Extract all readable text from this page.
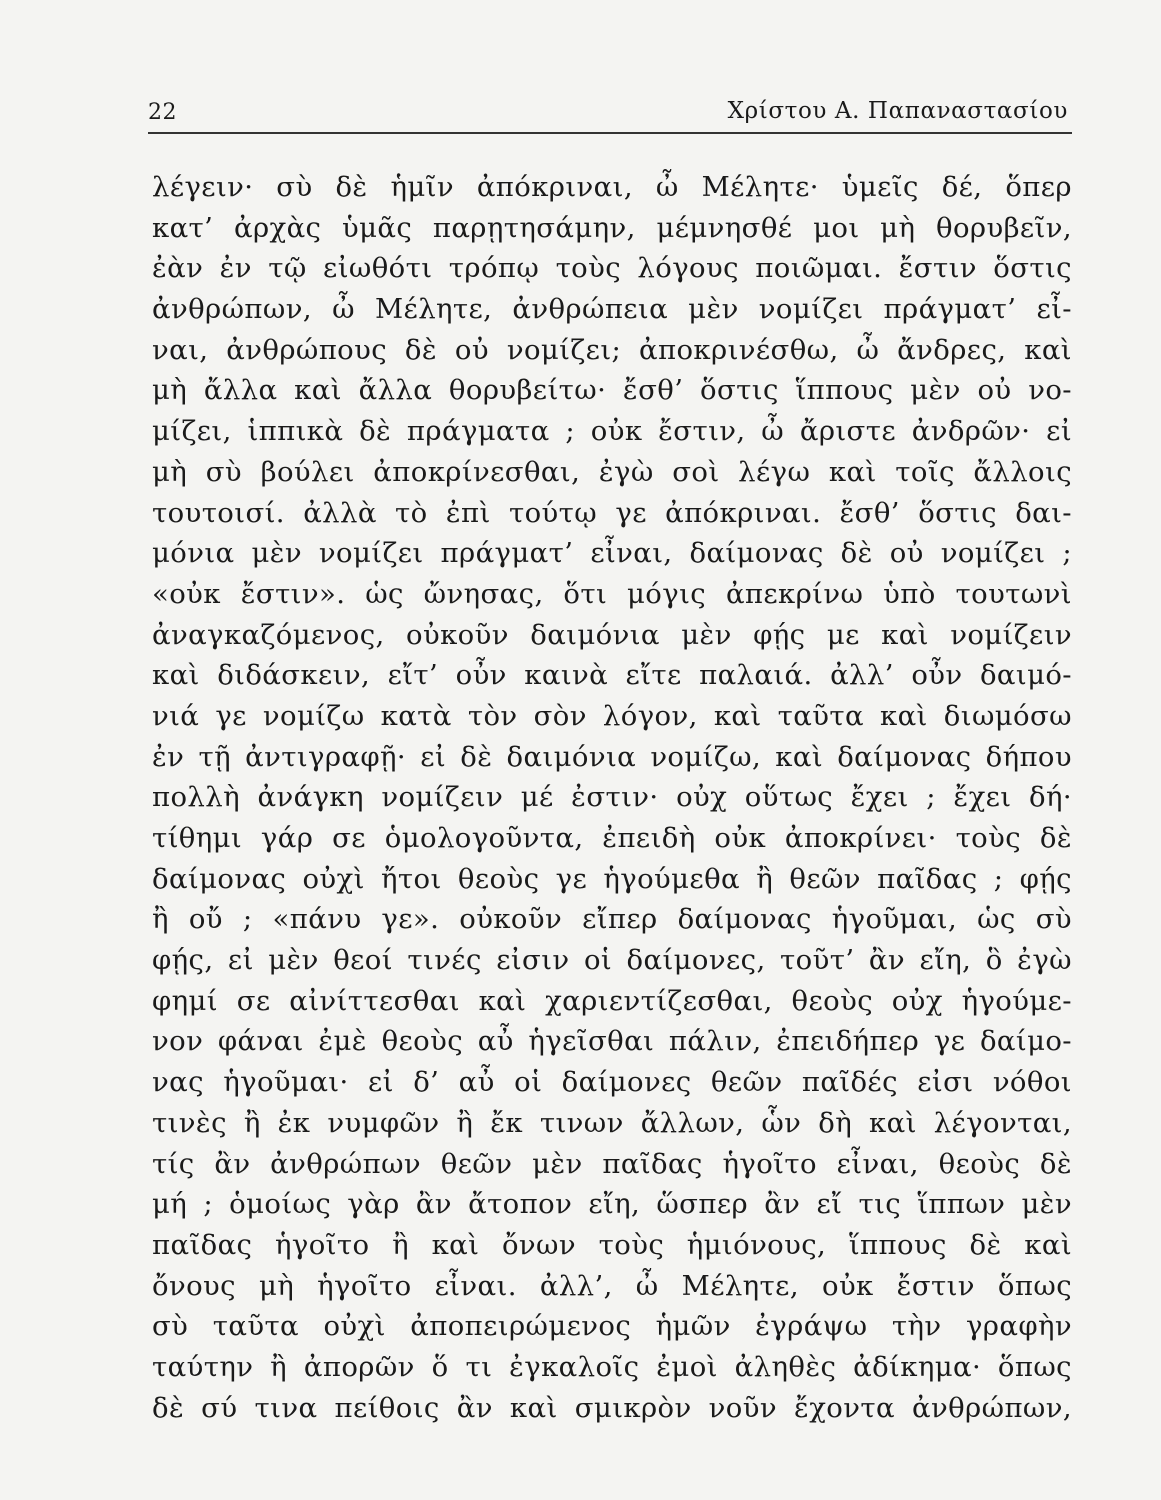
22	Χρίστου Α. Παπαναστασίου
λέγειν· σὺ δὲ ἡμῖν ἀπόκριναι, ὦ Μέλητε· ὑμεῖς δέ, ὅπερ
κατ’ ἀρχὰς ὑμᾶς παρῃτησάμην, μέμνησθέ μοι μὴ θορυβεῖν,
ἐὰν ἐν τῷ εἰωθότι τρόπῳ τοὺς λόγους ποιῶμαι. ἔστιν ὅστις
ἀνθρώπων, ὦ Μέλητε, ἀνθρώπεια μὲν νομίζει πράγματ’ εἶ-
ναι, ἀνθρώπους δὲ οὐ νομίζει; ἀποκρινέσθω, ὦ ἄνδρες, καὶ
μὴ ἄλλα καὶ ἄλλα θορυβείτω· ἔσθ’ ὅστις ἵππους μὲν οὐ νο-
μίζει, ἱππικὰ δὲ πράγματα ; οὐκ ἔστιν, ὦ ἄριστε ἀνδρῶν· εἰ
μὴ σὺ βούλει ἀποκρίνεσθαι, ἐγὼ σοὶ λέγω καὶ τοῖς ἄλλοις
τουτοισί. ἀλλὰ τὸ ἐπὶ τούτῳ γε ἀπόκριναι. ἔσθ’ ὅστις δαι-
μόνια μὲν νομίζει πράγματ’ εἶναι, δαίμονας δὲ οὐ νομίζει ;
«οὐκ ἔστιν». ὡς ὤνησας, ὅτι μόγις ἀπεκρίνω ὑπὸ τουτωνὶ
ἀναγκαζόμενος, οὐκοῦν δαιμόνια μὲν φῄς με καὶ νομίζειν
καὶ διδάσκειν, εἴτ’ οὖν καινὰ εἴτε παλαιά. ἀλλ’ οὖν δαιμό-
νιά γε νομίζω κατὰ τὸν σὸν λόγον, καὶ ταῦτα καὶ διωμόσω
ἐν τῇ ἀντιγραφῇ· εἰ δὲ δαιμόνια νομίζω, καὶ δαίμονας δήπου
πολλὴ ἀνάγκη νομίζειν μέ ἐστιν· οὐχ οὕτως ἔχει ; ἔχει δή·
τίθημι γάρ σε ὁμολογοῦντα, ἐπειδὴ οὐκ ἀποκρίνει· τοὺς δὲ
δαίμονας οὐχὶ ἤτοι θεοὺς γε ἡγούμεθα ἢ θεῶν παῖδας ; φῄς
ἢ οὔ ; «πάνυ γε». οὐκοῦν εἴπερ δαίμονας ἡγοῦμαι, ὡς σὺ
φῄς, εἰ μὲν θεοί τινές εἰσιν οἱ δαίμονες, τοῦτ’ ἂν εἴη, ὃ ἐγὼ
φημί σε αἰνίττεσθαι καὶ χαριεντίζεσθαι, θεοὺς οὐχ ἡγούμε-
νον φάναι ἐμὲ θεοὺς αὖ ἡγεῖσθαι πάλιν, ἐπειδήπερ γε δαίμο-
νας ἡγοῦμαι· εἰ δ’ αὖ οἱ δαίμονες θεῶν παῖδές εἰσι νόθοι
τινὲς ἢ ἐκ νυμφῶν ἢ ἔκ τινων ἄλλων, ὧν δὴ καὶ λέγονται,
τίς ἂν ἀνθρώπων θεῶν μὲν παῖδας ἡγοῖτο εἶναι, θεοὺς δὲ
μή ; ὁμοίως γὰρ ἂν ἄτοπον εἴη, ὥσπερ ἂν εἴ τις ἵππων μὲν
παῖδας ἡγοῖτο ἢ καὶ ὄνων τοὺς ἡμιόνους, ἵππους δὲ καὶ
ὄνους μὴ ἡγοῖτο εἶναι. ἀλλ’, ὦ Μέλητε, οὐκ ἔστιν ὅπως
σὺ ταῦτα οὐχὶ ἀποπειρώμενος ἡμῶν ἐγράψω τὴν γραφὴν
ταύτην ἢ ἀπορῶν ὅ τι ἐγκαλοῖς ἐμοὶ ἀληθὲς ἀδίκημα· ὅπως
δὲ σύ τινα πείθοις ἂν καὶ σμικρὸν νοῦν ἔχοντα ἀνθρώπων,
